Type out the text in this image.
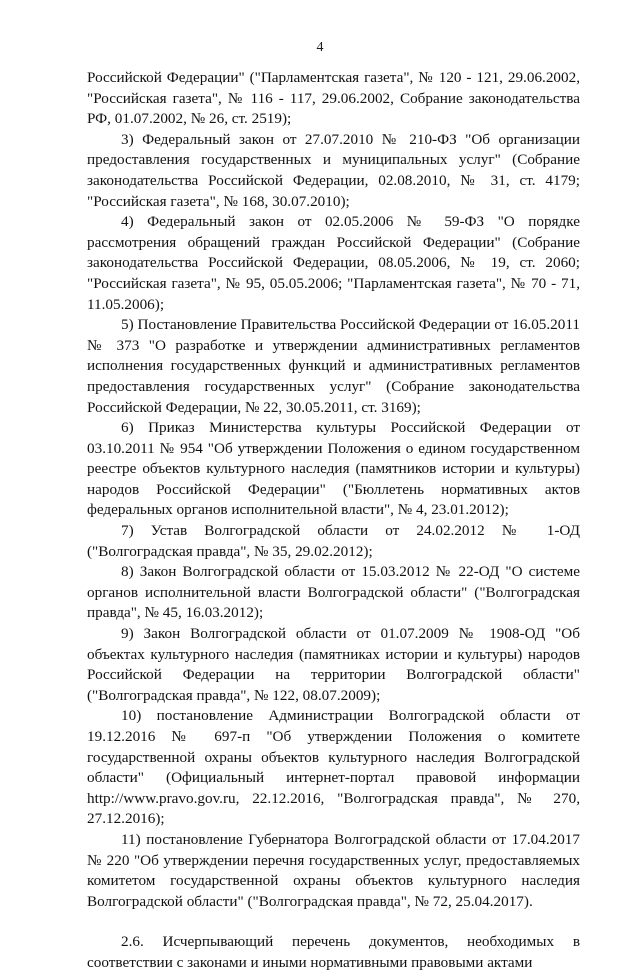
4

Российской Федерации" ("Парламентская газета", № 120 - 121, 29.06.2002, "Российская газета", № 116 - 117, 29.06.2002, Собрание законодательства РФ, 01.07.2002, № 26, ст. 2519);

3) Федеральный закон от 27.07.2010 № 210-ФЗ "Об организации предоставления государственных и муниципальных услуг" (Собрание законодательства Российской Федерации, 02.08.2010, № 31, ст. 4179; "Российская газета", № 168, 30.07.2010);

4) Федеральный закон от 02.05.2006 № 59-ФЗ "О порядке рассмотрения обращений граждан Российской Федерации" (Собрание законодательства Российской Федерации, 08.05.2006, № 19, ст. 2060; "Российская газета", № 95, 05.05.2006; "Парламентская газета", № 70 - 71, 11.05.2006);

5) Постановление Правительства Российской Федерации от 16.05.2011 № 373 "О разработке и утверждении административных регламентов исполнения государственных функций и административных регламентов предоставления государственных услуг" (Собрание законодательства Российской Федерации, № 22, 30.05.2011, ст. 3169);

6) Приказ Министерства культуры Российской Федерации от 03.10.2011 № 954 "Об утверждении Положения о едином государственном реестре объектов культурного наследия (памятников истории и культуры) народов Российской Федерации" ("Бюллетень нормативных актов федеральных органов исполнительной власти", № 4, 23.01.2012);

7) Устав Волгоградской области от 24.02.2012 № 1-ОД ("Волгоградская правда", № 35, 29.02.2012);

8) Закон Волгоградской области от 15.03.2012 № 22-ОД "О системе органов исполнительной власти Волгоградской области" ("Волгоградская правда", № 45, 16.03.2012);

9) Закон Волгоградской области от 01.07.2009 № 1908-ОД "Об объектах культурного наследия (памятниках истории и культуры) народов Российской Федерации на территории Волгоградской области" ("Волгоградская правда", № 122, 08.07.2009);

10) постановление Администрации Волгоградской области от 19.12.2016 № 697-п "Об утверждении Положения о комитете государственной охраны объектов культурного наследия Волгоградской области" (Официальный интернет-портал правовой информации http://www.pravo.gov.ru, 22.12.2016, "Волгоградская правда", № 270, 27.12.2016);

11) постановление Губернатора Волгоградской области от 17.04.2017 № 220 "Об утверждении перечня государственных услуг, предоставляемых комитетом государственной охраны объектов культурного наследия Волгоградской области" ("Волгоградская правда", № 72, 25.04.2017).

2.6. Исчерпывающий перечень документов, необходимых в соответствии с законами и иными нормативными правовыми актами
